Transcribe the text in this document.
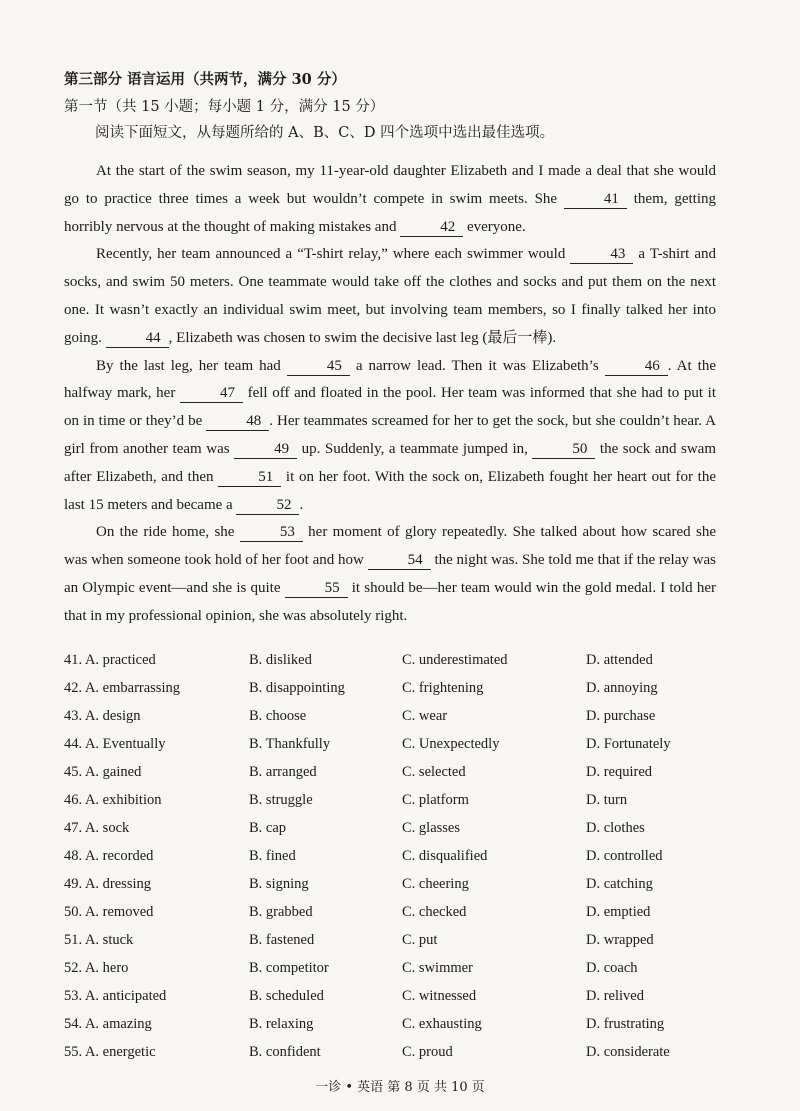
第三部分 语言运用（共两节，满分 30 分）
第一节（共 15 小题；每小题 1 分，满分 15 分）
阅读下面短文，从每题所给的 A、B、C、D 四个选项中选出最佳选项。

At the start of the swim season, my 11-year-old daughter Elizabeth and I made a deal that she would go to practice three times a week but wouldn’t compete in swim meets. She	41 them, getting horribly nervous at the thought of making mistakes and	42 everyone.

Recently, her team announced a “T-shirt relay,” where each swimmer would	43 a T-shirt and socks, and swim 50 meters. One teammate would take off the clothes and socks and put them on the next one. It wasn’t exactly an individual swim meet, but involving team members, so I finally talked her into going.	44 , Elizabeth was chosen to swim the decisive last leg (最后一棒).

By the last leg, her team had	45 a narrow lead. Then it was Elizabeth’s	46 . At the halfway mark, her	47 fell off and floated in the pool. Her team was informed that she had to put it on in time or they’d be	48 . Her teammates screamed for her to get the sock, but she couldn’t hear. A girl from another team was	49 up. Suddenly, a teammate jumped in,	50 the sock and swam after Elizabeth, and then	51 it on her foot. With the sock on, Elizabeth fought her heart out for the last 15 meters and became a	52 .

On the ride home, she	53 her moment of glory repeatedly. She talked about how scared she was when someone took hold of her foot and how	54 the night was. She told me that if the relay was an Olympic event—and she is quite	55 it should be—her team would win the gold medal. I told her that in my professional opinion, she was absolutely right.

41. A. practiced	B. disliked	C. underestimated	D. attended
42. A. embarrassing	B. disappointing	C. frightening	D. annoying
43. A. design	B. choose	C. wear	D. purchase
44. A. Eventually	B. Thankfully	C. Unexpectedly	D. Fortunately
45. A. gained	B. arranged	C. selected	D. required
46. A. exhibition	B. struggle	C. platform	D. turn
47. A. sock	B. cap	C. glasses	D. clothes
48. A. recorded	B. fined	C. disqualified	D. controlled
49. A. dressing	B. signing	C. cheering	D. catching
50. A. removed	B. grabbed	C. checked	D. emptied
51. A. stuck	B. fastened	C. put	D. wrapped
52. A. hero	B. competitor	C. swimmer	D. coach
53. A. anticipated	B. scheduled	C. witnessed	D. relived
54. A. amazing	B. relaxing	C. exhausting	D. frustrating
55. A. energetic	B. confident	C. proud	D. considerate
一诊 • 英语 第 8 页 共 10 页
